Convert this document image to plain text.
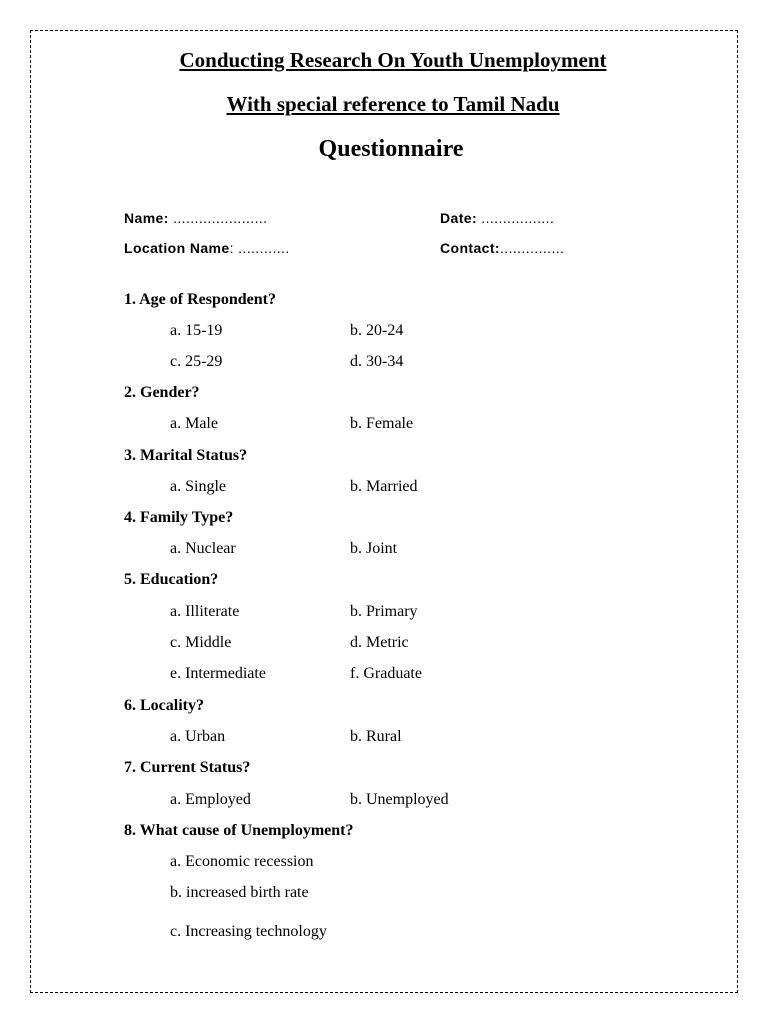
Conducting Research On Youth Unemployment
With special reference to Tamil Nadu
Questionnaire
Name: ......................	Date: .................
Location Name: ............	Contact:...............
1. Age of Respondent?
a. 15-19	b. 20-24
c. 25-29	d. 30-34
2. Gender?
a. Male	b. Female
3. Marital Status?
a. Single	b. Married
4. Family Type?
a. Nuclear	b. Joint
5. Education?
a. Illiterate	b. Primary
c. Middle	d. Metric
e. Intermediate	f. Graduate
6. Locality?
a. Urban	b. Rural
7. Current Status?
a. Employed	b. Unemployed
8. What cause of Unemployment?
a. Economic recession
b. increased birth rate
c. Increasing technology
